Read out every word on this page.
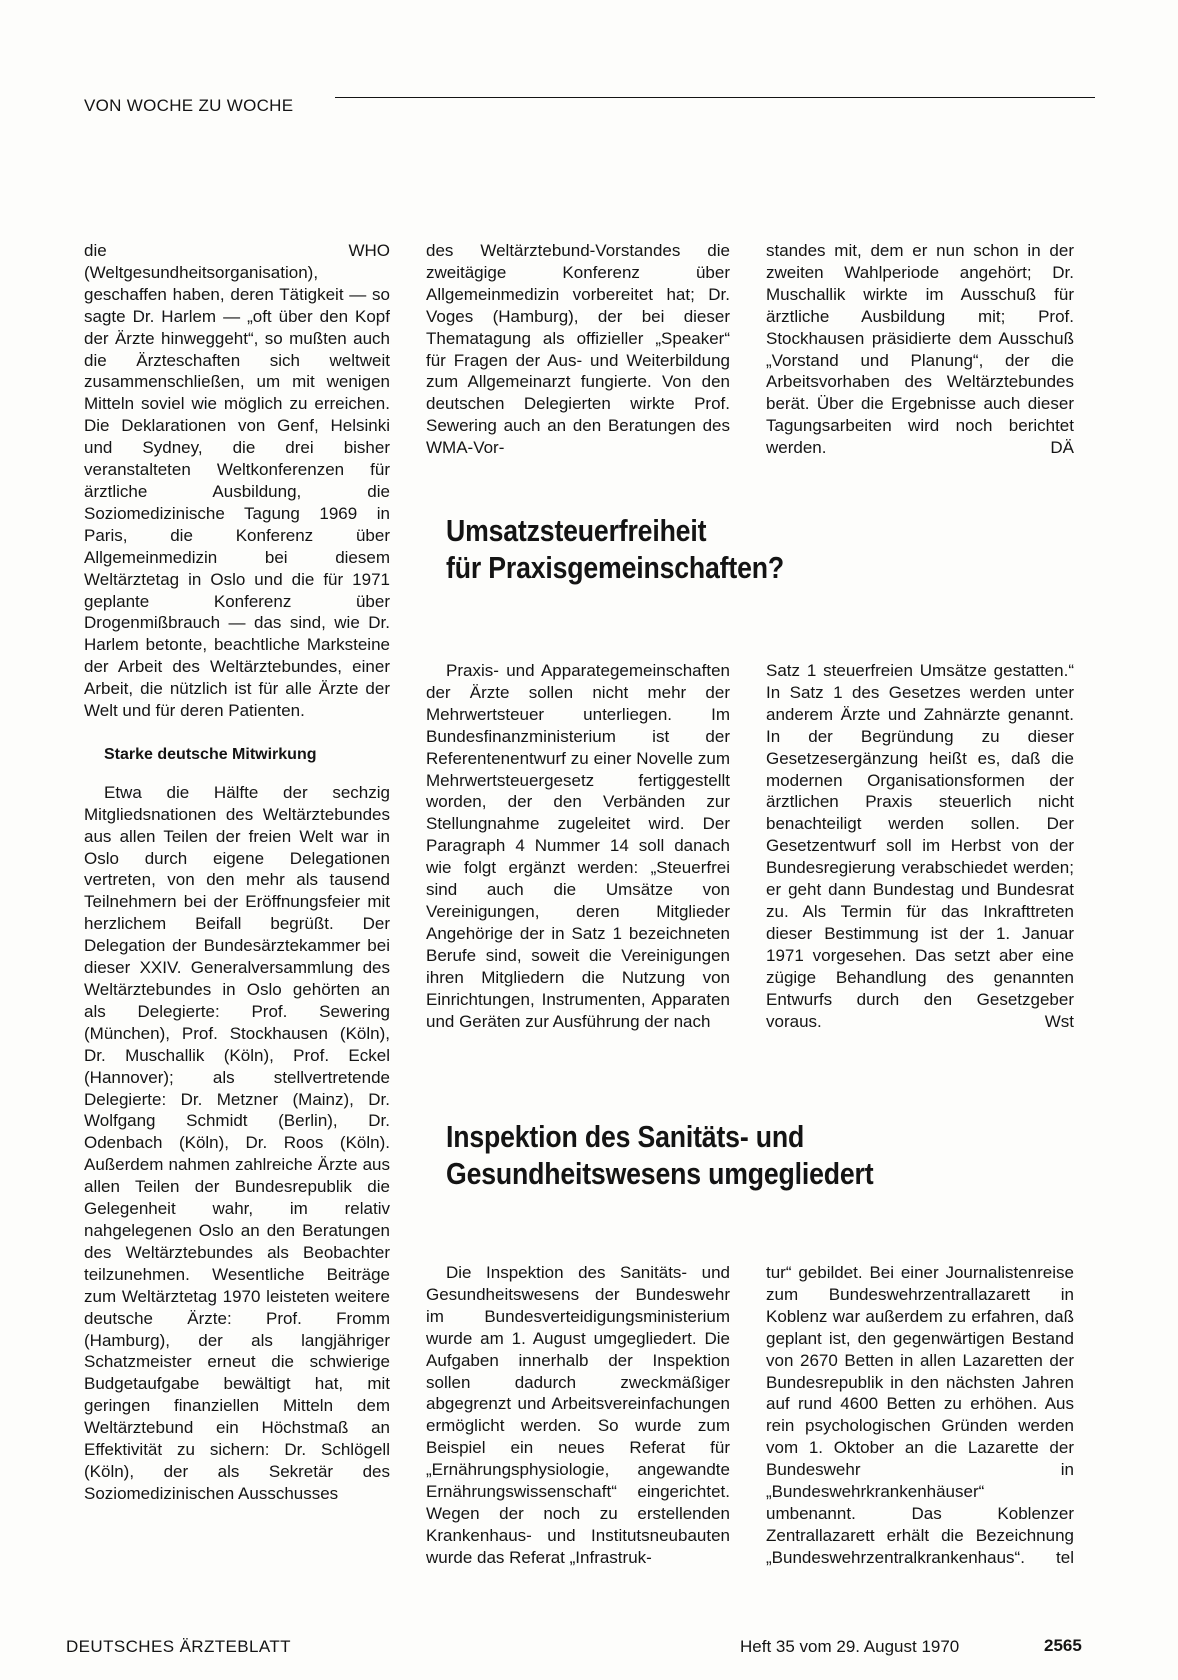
VON WOCHE ZU WOCHE

die WHO (Weltgesundheitsorganisation), geschaffen haben, deren Tätigkeit — so sagte Dr. Harlem — „oft über den Kopf der Ärzte hinweggeht“, so mußten auch die Ärzteschaften sich weltweit zusammenschließen, um mit wenigen Mitteln soviel wie möglich zu erreichen. Die Deklarationen von Genf, Helsinki und Sydney, die drei bisher veranstalteten Weltkonferenzen für ärztliche Ausbildung, die Soziomedizinische Tagung 1969 in Paris, die Konferenz über Allgemeinmedizin bei diesem Weltärztetag in Oslo und die für 1971 geplante Konferenz über Drogenmißbrauch — das sind, wie Dr. Harlem betonte, beachtliche Marksteine der Arbeit des Weltärztebundes, einer Arbeit, die nützlich ist für alle Ärzte der Welt und für deren Patienten.

Starke deutsche Mitwirkung

Etwa die Hälfte der sechzig Mitgliedsnationen des Weltärztebundes aus allen Teilen der freien Welt war in Oslo durch eigene Delegationen vertreten, von den mehr als tausend Teilnehmern bei der Eröffnungsfeier mit herzlichem Beifall begrüßt. Der Delegation der Bundesärztekammer bei dieser XXIV. Generalversammlung des Weltärztebundes in Oslo gehörten an als Delegierte: Prof. Sewering (München), Prof. Stockhausen (Köln), Dr. Muschallik (Köln), Prof. Eckel (Hannover); als stellvertretende Delegierte: Dr. Metzner (Mainz), Dr. Wolfgang Schmidt (Berlin), Dr. Odenbach (Köln), Dr. Roos (Köln). Außerdem nahmen zahlreiche Ärzte aus allen Teilen der Bundesrepublik die Gelegenheit wahr, im relativ nahgelegenen Oslo an den Beratungen des Weltärztebundes als Beobachter teilzunehmen. Wesentliche Beiträge zum Weltärztetag 1970 leisteten weitere deutsche Ärzte: Prof. Fromm (Hamburg), der als langjähriger Schatzmeister erneut die schwierige Budgetaufgabe bewältigt hat, mit geringen finanziellen Mitteln dem Weltärztebund ein Höchstmaß an Effektivität zu sichern: Dr. Schlögell (Köln), der als Sekretär des Soziomedizinischen Ausschusses

des Weltärztebund-Vorstandes die zweitägige Konferenz über Allgemeinmedizin vorbereitet hat; Dr. Voges (Hamburg), der bei dieser Thematagung als offizieller „Speaker“ für Fragen der Aus- und Weiterbildung zum Allgemeinarzt fungierte. Von den deutschen Delegierten wirkte Prof. Sewering auch an den Beratungen des WMA-Vor-

standes mit, dem er nun schon in der zweiten Wahlperiode angehört; Dr. Muschallik wirkte im Ausschuß für ärztliche Ausbildung mit; Prof. Stockhausen präsidierte dem Ausschuß „Vorstand und Planung“, der die Arbeitsvorhaben des Weltärztebundes berät. Über die Ergebnisse auch dieser Tagungsarbeiten wird noch berichtet werden.	DÄ

Umsatzsteuerfreiheit
für Praxisgemeinschaften?

Praxis- und Apparategemeinschaften der Ärzte sollen nicht mehr der Mehrwertsteuer unterliegen. Im Bundesfinanzministerium ist der Referentenentwurf zu einer Novelle zum Mehrwertsteuergesetz fertiggestellt worden, der den Verbänden zur Stellungnahme zugeleitet wird. Der Paragraph 4 Nummer 14 soll danach wie folgt ergänzt werden: „Steuerfrei sind auch die Umsätze von Vereinigungen, deren Mitglieder Angehörige der in Satz 1 bezeichneten Berufe sind, soweit die Vereinigungen ihren Mitgliedern die Nutzung von Einrichtungen, Instrumenten, Apparaten und Geräten zur Ausführung der nach

Satz 1 steuerfreien Umsätze gestatten.“ In Satz 1 des Gesetzes werden unter anderem Ärzte und Zahnärzte genannt. In der Begründung zu dieser Gesetzesergänzung heißt es, daß die modernen Organisationsformen der ärztlichen Praxis steuerlich nicht benachteiligt werden sollen. Der Gesetzentwurf soll im Herbst von der Bundesregierung verabschiedet werden; er geht dann Bundestag und Bundesrat zu. Als Termin für das Inkrafttreten dieser Bestimmung ist der 1. Januar 1971 vorgesehen. Das setzt aber eine zügige Behandlung des genannten Entwurfs durch den Gesetzgeber voraus.	Wst

Inspektion des Sanitäts- und
Gesundheitswesens umgegliedert

Die Inspektion des Sanitäts- und Gesundheitswesens der Bundeswehr im Bundesverteidigungsministerium wurde am 1. August umgegliedert. Die Aufgaben innerhalb der Inspektion sollen dadurch zweckmäßiger abgegrenzt und Arbeitsvereinfachungen ermöglicht werden. So wurde zum Beispiel ein neues Referat für „Ernährungsphysiologie, angewandte Ernährungswissenschaft“ eingerichtet. Wegen der noch zu erstellenden Krankenhaus- und Institutsneubauten wurde das Referat „Infrastruk-

tur“ gebildet. Bei einer Journalistenreise zum Bundeswehrzentrallazarett in Koblenz war außerdem zu erfahren, daß geplant ist, den gegenwärtigen Bestand von 2670 Betten in allen Lazaretten der Bundesrepublik in den nächsten Jahren auf rund 4600 Betten zu erhöhen. Aus rein psychologischen Gründen werden vom 1. Oktober an die Lazarette der Bundeswehr in „Bundeswehrkrankenhäuser“ umbenannt. Das Koblenzer Zentrallazarett erhält die Bezeichnung „Bundeswehrzentralkrankenhaus“. tel

DEUTSCHES ÄRZTEBLATT	Heft 35 vom 29. August 1970	2565
